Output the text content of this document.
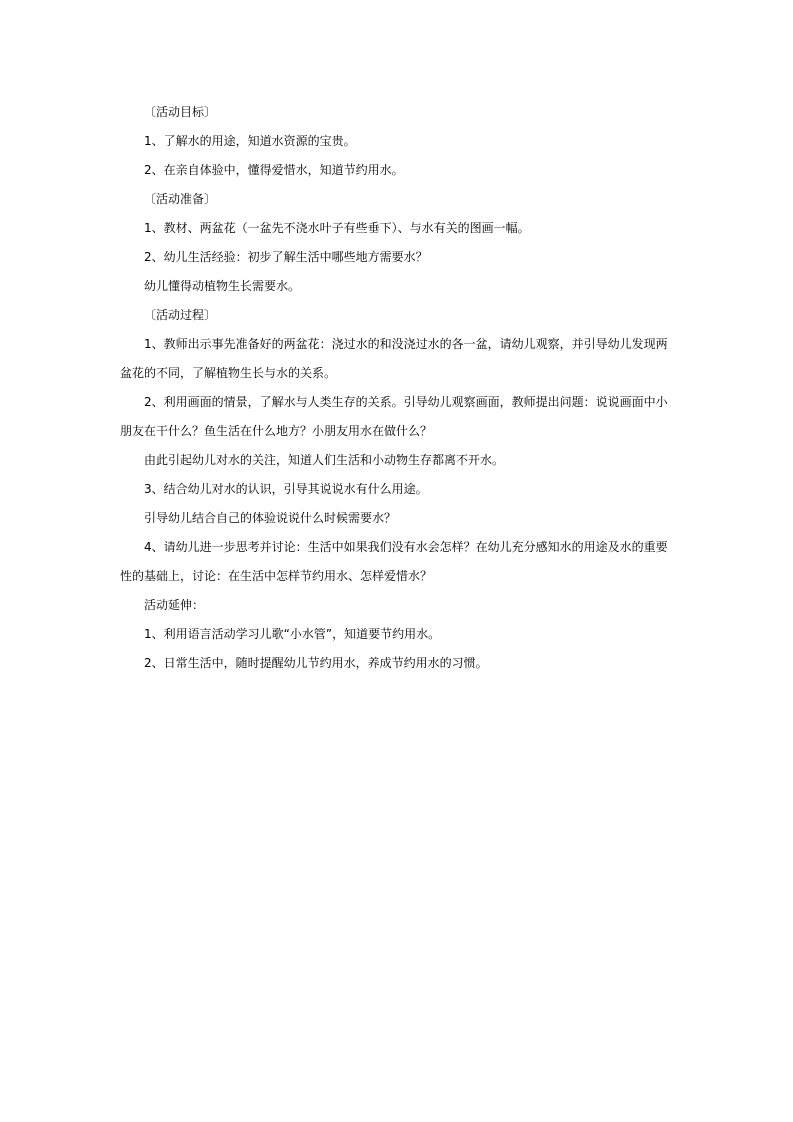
〔活动目标〕

1、了解水的用途，知道水资源的宝贵。

2、在亲自体验中，懂得爱惜水，知道节约用水。

〔活动准备〕

1、教材、两盆花（一盆先不浇水叶子有些垂下）、与水有关的图画一幅。

2、幼儿生活经验：初步了解生活中哪些地方需要水？

幼儿懂得动植物生长需要水。

〔活动过程〕

1、教师出示事先准备好的两盆花：浇过水的和没浇过水的各一盆，请幼儿观察，并引导幼儿发现两盆花的不同，了解植物生长与水的关系。

2、利用画面的情景，了解水与人类生存的关系。引导幼儿观察画面，教师提出问题：说说画面中小朋友在干什么？鱼生活在什么地方？小朋友用水在做什么？

由此引起幼儿对水的关注，知道人们生活和小动物生存都离不开水。

3、结合幼儿对水的认识，引导其说说水有什么用途。

引导幼儿结合自己的体验说说什么时候需要水？

4、请幼儿进一步思考并讨论：生活中如果我们没有水会怎样？在幼儿充分感知水的用途及水的重要性的基础上，讨论：在生活中怎样节约用水、怎样爱惜水？

活动延伸：

1、利用语言活动学习儿歌“小水管”，知道要节约用水。

2、日常生活中，随时提醒幼儿节约用水，养成节约用水的习惯。
